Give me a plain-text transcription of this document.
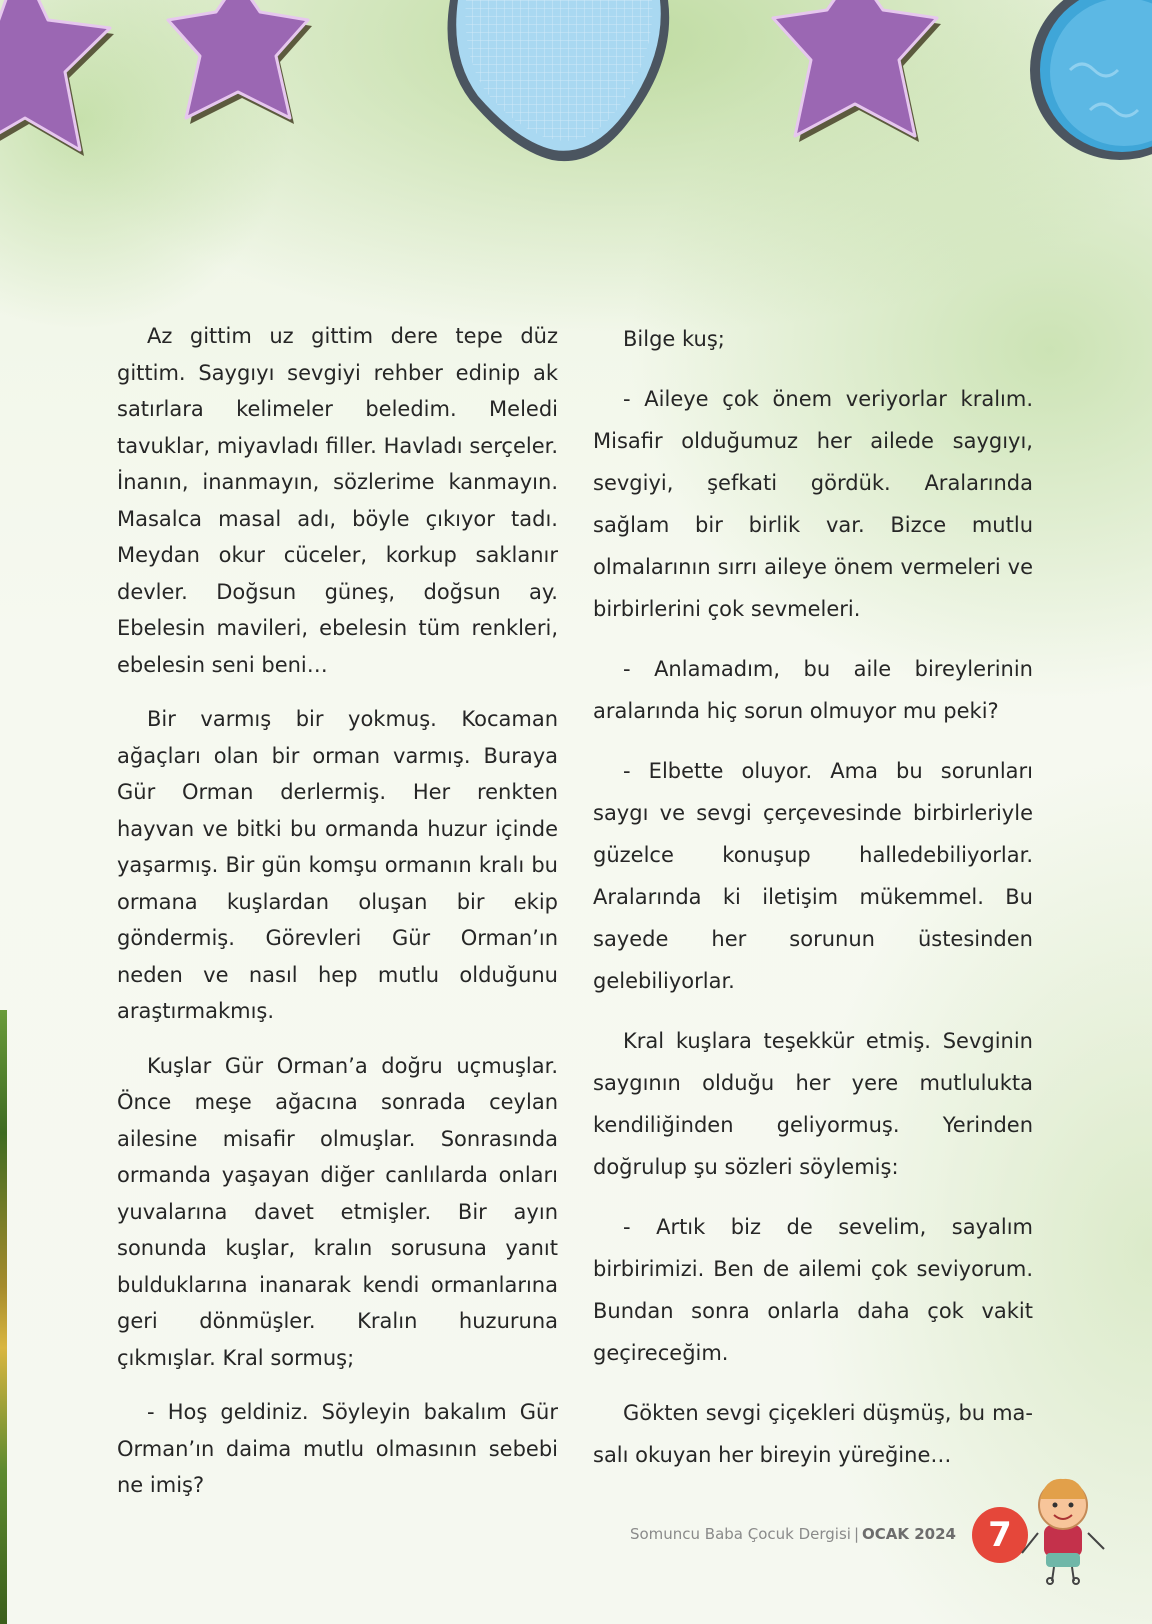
Az gittim uz gittim dere tepe düz gittim. Saygıyı sevgiyi rehber edinip ak satırlara kelimeler beledim. Meledi tavuklar, miyavladı filler. Havladı serçeler. İnanın, inanmayın, sözlerime kanmayın. Masalca masal adı, böyle çıkıyor tadı. Meydan okur cüceler, korkup saklanır devler. Doğsun güneş, doğsun ay. Ebelesin mavileri, ebelesin tüm renkleri, ebelesin seni beni…

Bir varmış bir yokmuş. Kocaman ağaçları olan bir orman varmış. Buraya Gür Orman derlermiş. Her renkten hayvan ve bitki bu ormanda huzur içinde yaşarmış. Bir gün komşu ormanın kralı bu ormana kuşlardan oluşan bir ekip göndermiş. Görevleri Gür Orman’ın neden ve nasıl hep mutlu olduğunu araştırmakmış.

Kuşlar Gür Orman’a doğru uçmuşlar. Önce meşe ağacına sonrada ceylan ailesine misafir olmuşlar. Sonrasında ormanda yaşayan diğer canlılarda onları yuvalarına davet etmişler. Bir ayın sonunda kuşlar, kralın sorusuna yanıt bulduklarına inanarak kendi ormanlarına geri dönmüşler. Kralın huzuruna çıkmışlar. Kral sormuş;

- Hoş geldiniz. Söyleyin bakalım Gür Orman’ın daima mutlu olmasının sebebi ne imiş?

Bilge kuş;

- Aileye çok önem veriyorlar kralım. Misafir olduğumuz her ailede saygıyı, sevgiyi, şefkati gördük. Aralarında sağlam bir birlik var. Bizce mutlu olmalarının sırrı aileye önem vermeleri ve birbirlerini çok sevmeleri.

- Anlamadım, bu aile bireylerinin aralarında hiç sorun olmuyor mu peki?

- Elbette oluyor. Ama bu sorunları saygı ve sevgi çerçevesinde birbirleriyle güzelce konuşup halledebiliyorlar. Aralarında ki iletişim mükemmel. Bu sayede her sorunun üstesinden gelebiliyorlar.

Kral kuşlara teşekkür etmiş. Sevginin saygının olduğu her yere mutlulukta kendiliğinden geliyormuş. Yerinden doğrulup şu sözleri söylemiş:

- Artık biz de sevelim, sayalım birbirimizi. Ben de ailemi çok seviyorum. Bundan sonra onlarla daha çok vakit geçireceğim.

Gökten sevgi çiçekleri düşmüş, bu masalı okuyan her bireyin yüreğine…

Somuncu Baba Çocuk Dergisi | OCAK 2024 7
